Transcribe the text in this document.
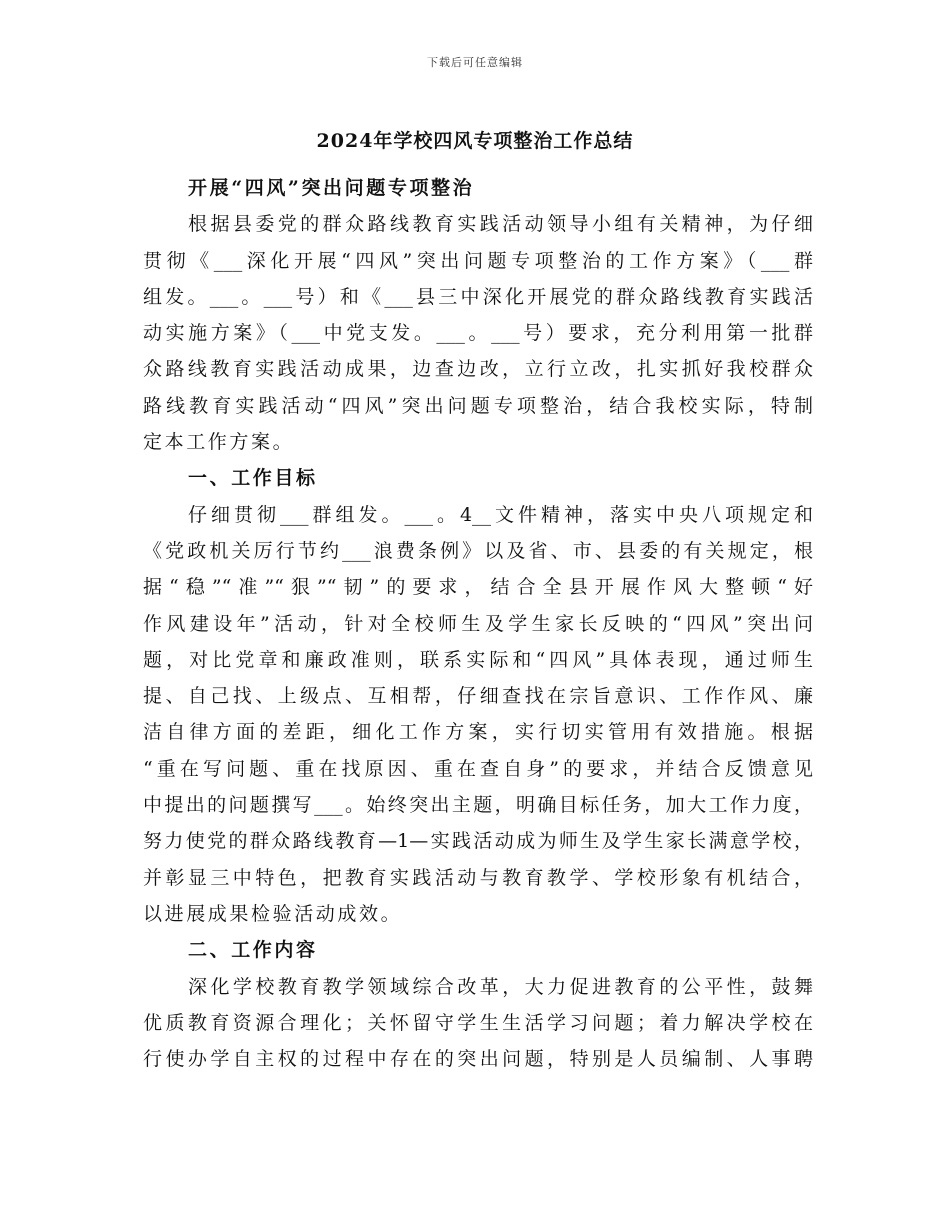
下载后可任意编辑
2024年学校四风专项整治工作总结
开展“四风”突出问题专项整治
根据县委党的群众路线教育实践活动领导小组有关精神，为仔细
贯彻《___深化开展“四风”突出问题专项整治的工作方案》（___群
组发。___。___号）和《___县三中深化开展党的群众路线教育实践活
动实施方案》（___中党支发。___。___号）要求，充分利用第一批群
众路线教育实践活动成果，边查边改，立行立改，扎实抓好我校群众
路线教育实践活动“四风”突出问题专项整治，结合我校实际，特制
定本工作方案。
一、工作目标
仔细贯彻___群组发。___。4__文件精神，落实中央八项规定和
《党政机关厉行节约___浪费条例》以及省、市、县委的有关规定，根
据“稳”“准”“狠”“韧”的要求，结合全县开展作风大整顿“好
作风建设年”活动，针对全校师生及学生家长反映的“四风”突出问
题，对比党章和廉政准则，联系实际和“四风”具体表现，通过师生
提、自己找、上级点、互相帮，仔细查找在宗旨意识、工作作风、廉
洁自律方面的差距，细化工作方案，实行切实管用有效措施。根据
“重在写问题、重在找原因、重在查自身”的要求，并结合反馈意见
中提出的问题撰写___。始终突出主题，明确目标任务，加大工作力度，
努力使党的群众路线教育—1—实践活动成为师生及学生家长满意学校，
并彰显三中特色，把教育实践活动与教育教学、学校形象有机结合，
以进展成果检验活动成效。
二、工作内容
深化学校教育教学领域综合改革，大力促进教育的公平性，鼓舞
优质教育资源合理化；关怀留守学生生活学习问题；着力解决学校在
行使办学自主权的过程中存在的突出问题，特别是人员编制、人事聘
